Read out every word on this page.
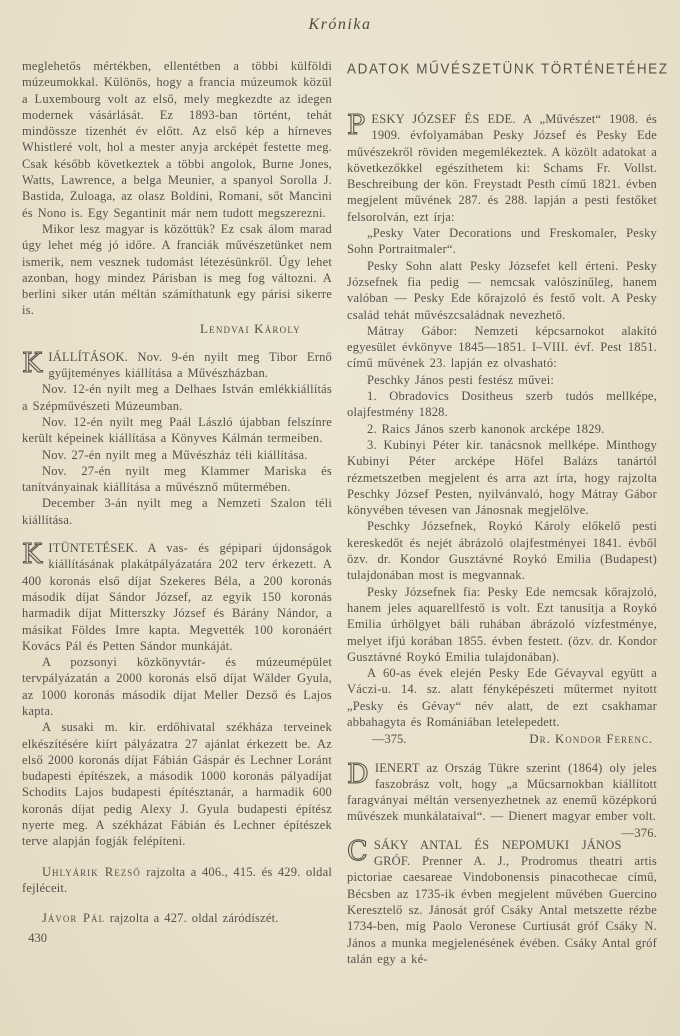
Krónika

meglehetős mértékben, ellentétben a többi külföldi múzeumokkal. Különös, hogy a francia múzeumok közül a Luxembourg volt az első, mely megkezdte az idegen modernek vásárlását. Ez 1893-ban történt, tehát mindössze tizenhét év előtt. Az első kép a hírneves Whistleré volt, hol a mester anyja arcképét festette meg. Csak később következtek a többi angolok, Burne Jones, Watts, Lawrence, a belga Meunier, a spanyol Sorolla J. Bastida, Zuloaga, az olasz Boldini, Romani, sőt Mancini és Nono is. Egy Segantinit már nem tudott megszerezni.

Mikor lesz magyar is közöttük? Ez csak álom marad úgy lehet még jó időre. A franciák művészetünket nem ismerik, nem vesznek tudomást létezésünkről. Úgy lehet azonban, hogy mindez Párisban is meg fog változni. A berlini siker után méltán számíthatunk egy párisi sikerre is.

Lendvai Károly

KIÁLLÍTÁSOK. Nov. 9-én nyilt meg Tibor Ernő gyűjteményes kiállítása a Művészházban.

Nov. 12-én nyilt meg a Delhaes István emlékkiállítás a Szépművészeti Múzeumban.

Nov. 12-én nyilt meg Paál László újabban felszínre került képeinek kiállítása a Könyves Kálmán termeiben.

Nov. 27-én nyilt meg a Művészház téli kiállítása.

Nov. 27-én nyilt meg Klammer Mariska és tanítványainak kiállítása a művésznő műtermében.

December 3-án nyilt meg a Nemzeti Szalon téli kiállítása.

KITÜNTETÉSEK. A vas- és gépipari újdonságok kiállításának plakátpályázatára 202 terv érkezett. A 400 koronás első díjat Szekeres Béla, a 200 koronás második díjat Sándor József, az egyik 150 koronás harmadik díjat Mitterszky József és Bárány Nándor, a másikat Földes Imre kapta. Megvették 100 koronáért Kovács Pál és Petten Sándor munkáját.

A pozsonyi közkönyvtár- és múzeumépület tervpályázatán a 2000 koronás első díjat Wälder Gyula, az 1000 koronás második díjat Meller Dezső és Lajos kapta.

A susaki m. kir. erdőhivatal székháza terveinek elkészítésére kiírt pályázatra 27 ajánlat érkezett be. Az első 2000 koronás díjat Fábián Gáspár és Lechner Loránt budapesti építészek, a második 1000 koronás pályadíjat Schodits Lajos budapesti építésztanár, a harmadik 600 koronás díjat pedig Alexy J. Gyula budapesti építész nyerte meg. A székházat Fábián és Lechner építészek terve alapján fogják felépíteni.

Uhlyárik Rezső rajzolta a 406., 415. és 429. oldal fejléceit.

Jávor Pál rajzolta a 427. oldal záródíszét.

430
ADATOK MŰVÉSZETÜNK TÖRTÉNETÉHEZ

PESKY JÓZSEF ÉS EDE. A „Művészet“ 1908. és 1909. évfolyamában Pesky József és Pesky Ede művészekről röviden megemlékeztek. A közölt adatokat a következőkkel egészíthetem ki: Schams Fr. Vollst. Beschreibung der kön. Freystadt Pesth című 1821. évben megjelent művének 287. és 288. lapján a pesti festőket felsorolván, ezt írja:

„Pesky Vater Decorations und Freskomaler, Pesky Sohn Portraitmaler“.

Pesky Sohn alatt Pesky Józsefet kell érteni. Pesky Józsefnek fia pedig — nemcsak valószinűleg, hanem valóban — Pesky Ede kőrajzoló és festő volt. A Pesky család tehát művészcsaládnak nevezhető.

Mátray Gábor: Nemzeti képcsarnokot alakító egyesület évkönyve 1845—1851. I–VIII. évf. Pest 1851. című művének 23. lapján ez olvasható:

Peschky János pesti festész művei:

1. Obradovics Dositheus szerb tudós mellképe, olajfestmény 1828.

2. Raics János szerb kanonok arcképe 1829.

3. Kubinyi Péter kir. tanácsnok mellképe. Minthogy Kubinyi Péter arcképe Höfel Balázs tanártól rézmetszetben megjelent és arra azt írta, hogy rajzolta Peschky József Pesten, nyilvánvaló, hogy Mátray Gábor könyvében tévesen van Jánosnak megjelölve.

Peschky Józsefnek, Roykó Károly előkelő pesti kereskedőt és nejét ábrázoló olajfestményei 1841. évből özv. dr. Kondor Gusztávné Roykó Emilia (Budapest) tulajdonában most is megvannak.

Pesky Józsefnek fia: Pesky Ede nemcsak kőrajzoló, hanem jeles aquarellfestő is volt. Ezt tanusítja a Roykó Emilia úrhölgyet báli ruhában ábrázoló vízfestménye, melyet ifjú korában 1855. évben festett. (özv. dr. Kondor Gusztávné Roykó Emilia tulajdonában).

A 60-as évek elején Pesky Ede Gévayval együtt a Váczi-u. 14. sz. alatt fényképészeti műtermet nyitott „Pesky és Gévay“ név alatt, de ezt csakhamar abbahagyta és Romániában letelepedett.

—375.	Dr. Kondor Ferenc.

DIENERT az Ország Tükre szerint (1864) oly jeles faszobrász volt, hogy „a Műcsarnokban kiállított faragványai méltán versenyezhetnek az enemű középkorú művészek munkálataival“. — Dienert magyar ember volt.
—376.

CSÁKY ANTAL ÉS NEPOMUKI JÁNOS GRÓF. Prenner A. J., Prodromus theatri artis pictoriae caesareae Vindobonensis pinacothecae című, Bécsben az 1735-ik évben megjelent művében Guercino Keresztelő sz. Jánosát gróf Csáky Antal metszette rézbe 1734-ben, míg Paolo Veronese Curtiusát gróf Csáky N. János a munka megjelenésének évében. Csáky Antal gróf talán egy a ké-
